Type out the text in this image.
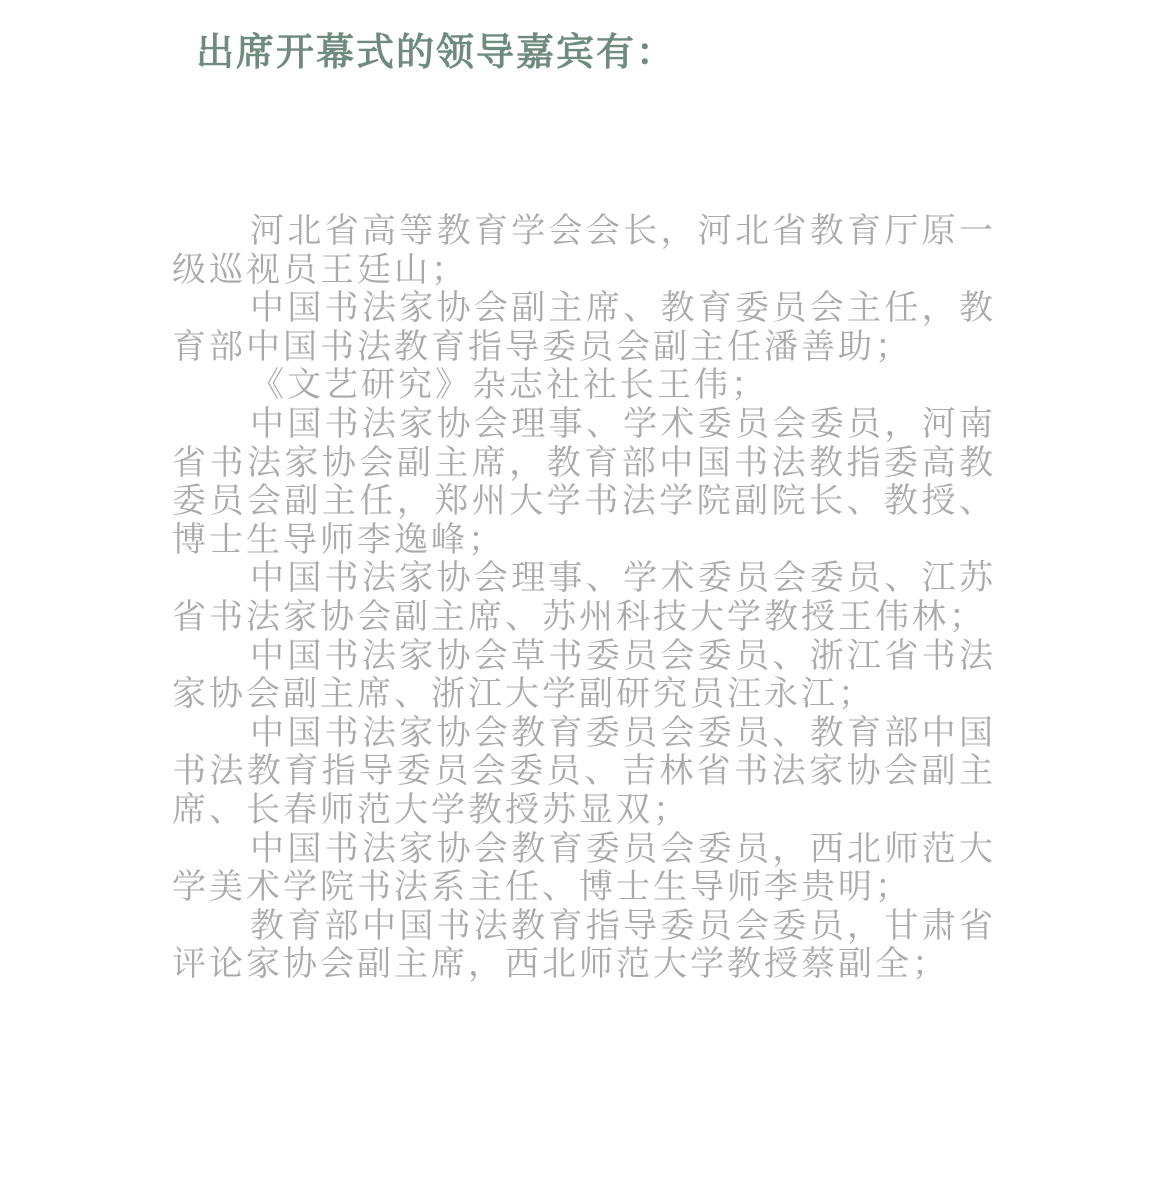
出席开幕式的领导嘉宾有：

河北省高等教育学会会长，河北省教育厅原一级巡视员王廷山；

中国书法家协会副主席、教育委员会主任，教育部中国书法教育指导委员会副主任潘善助；

《文艺研究》杂志社社长王伟；

中国书法家协会理事、学术委员会委员，河南省书法家协会副主席，教育部中国书法教指委高教委员会副主任，郑州大学书法学院副院长、教授、博士生导师李逸峰；

中国书法家协会理事、学术委员会委员、江苏省书法家协会副主席、苏州科技大学教授王伟林；

中国书法家协会草书委员会委员、浙江省书法家协会副主席、浙江大学副研究员汪永江；

中国书法家协会教育委员会委员、教育部中国书法教育指导委员会委员、吉林省书法家协会副主席、长春师范大学教授苏显双；

中国书法家协会教育委员会委员，西北师范大学美术学院书法系主任、博士生导师李贵明；

教育部中国书法教育指导委员会委员，甘肃省评论家协会副主席，西北师范大学教授蔡副全；
